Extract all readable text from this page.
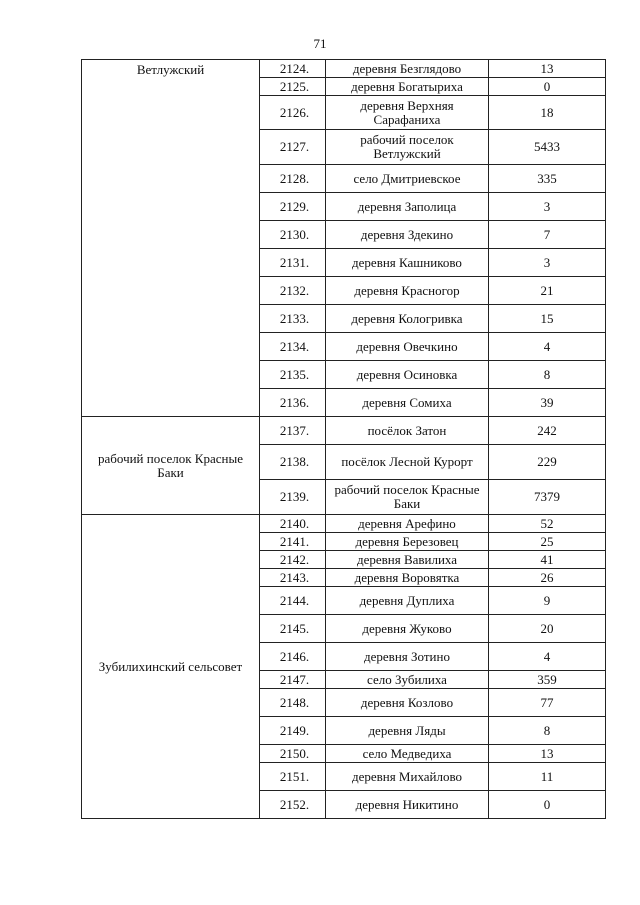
71
Ветлужский	2124.	деревня Безглядово	13
	2125.	деревня Богатыриха	0
	2126.	деревня Верхняя Сарафаниха	18
	2127.	рабочий поселок Ветлужский	5433
	2128.	село Дмитриевское	335
	2129.	деревня Заполица	3
	2130.	деревня Здекино	7
	2131.	деревня Кашниково	3
	2132.	деревня Красногор	21
	2133.	деревня Кологривка	15
	2134.	деревня Овечкино	4
	2135.	деревня Осиновка	8
	2136.	деревня Сомиха	39

рабочий поселок Красные Баки	2137.	посёлок Затон	242
	2138.	посёлок Лесной Курорт	229
	2139.	рабочий поселок Красные Баки	7379

Зубилихинский сельсовет	2140.	деревня Арефино	52
	2141.	деревня Березовец	25
	2142.	деревня Вавилиха	41
	2143.	деревня Воровятка	26
	2144.	деревня Дуплиха	9
	2145.	деревня Жуково	20
	2146.	деревня Зотино	4
	2147.	село Зубилиха	359
	2148.	деревня Козлово	77
	2149.	деревня Ляды	8
	2150.	село Медведиха	13
	2151.	деревня Михайлово	11
	2152.	деревня Никитино	0
